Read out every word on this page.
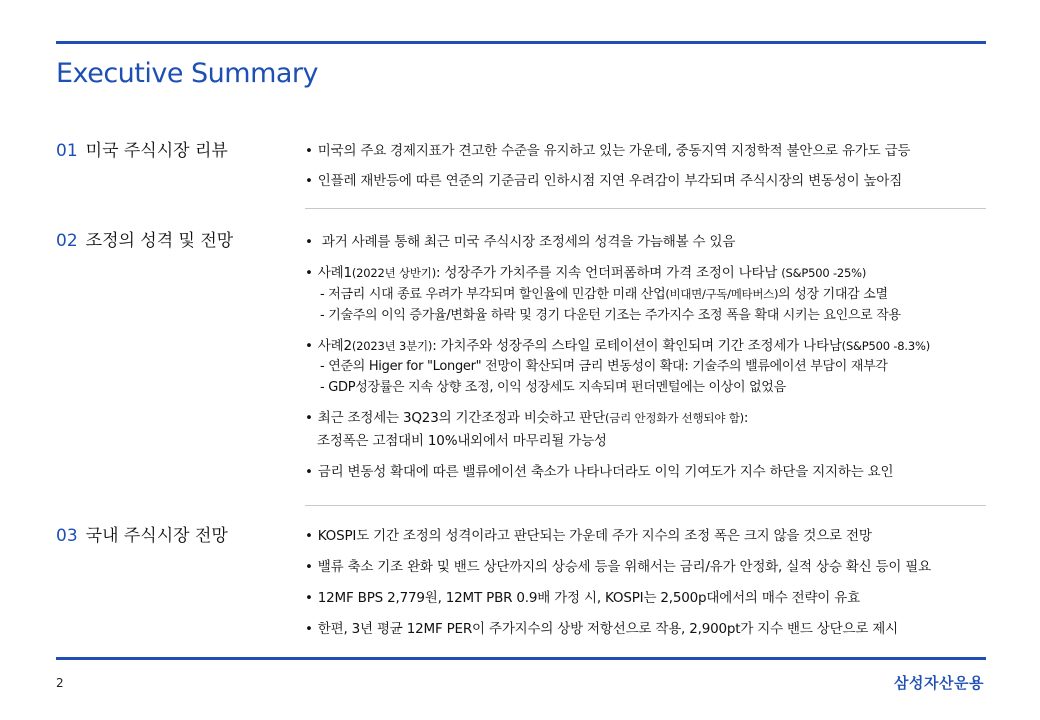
Executive Summary
01 미국 주식시장 리뷰	• 미국의 주요 경제지표가 견고한 수준을 유지하고 있는 가운데, 중동지역 지정학적 불안으로 유가도 급등
• 인플레 재반등에 따른 연준의 기준금리 인하시점 지연 우려감이 부각되며 주식시장의 변동성이 높아짐
02 조정의 성격 및 전망	• 과거 사례를 통해 최근 미국 주식시장 조정세의 성격을 가늠해볼 수 있음
• 사례1(2022년 상반기): 성장주가 가치주를 지속 언더퍼폼하며 가격 조정이 나타남 (S&P500 -25%)
- 저금리 시대 종료 우려가 부각되며 할인율에 민감한 미래 산업(비대면/구독/메타버스)의 성장 기대감 소멸
- 기술주의 이익 증가율/변화율 하락 및 경기 다운턴 기조는 주가지수 조정 폭을 확대 시키는 요인으로 작용
• 사례2(2023년 3분기): 가치주와 성장주의 스타일 로테이션이 확인되며 기간 조정세가 나타남(S&P500 -8.3%)
- 연준의 Higer for "Longer" 전망이 확산되며 금리 변동성이 확대: 기술주의 밸류에이션 부담이 재부각
- GDP성장률은 지속 상향 조정, 이익 성장세도 지속되며 펀더멘털에는 이상이 없었음
• 최근 조정세는 3Q23의 기간조정과 비슷하고 판단(금리 안정화가 선행되야 함):
조정폭은 고점대비 10%내외에서 마무리될 가능성
• 금리 변동성 확대에 따른 밸류에이션 축소가 나타나더라도 이익 기여도가 지수 하단을 지지하는 요인
03 국내 주식시장 전망	• KOSPI도 기간 조정의 성격이라고 판단되는 가운데 주가 지수의 조정 폭은 크지 않을 것으로 전망
• 밸류 축소 기조 완화 및 밴드 상단까지의 상승세 등을 위해서는 금리/유가 안정화, 실적 상승 확신 등이 필요
• 12MF BPS 2,779원, 12MT PBR 0.9배 가정 시, KOSPI는 2,500p대에서의 매수 전략이 유효
• 한편, 3년 평균 12MF PER이 주가지수의 상방 저항선으로 작용, 2,900pt가 지수 밴드 상단으로 제시
2	삼성자산운용
